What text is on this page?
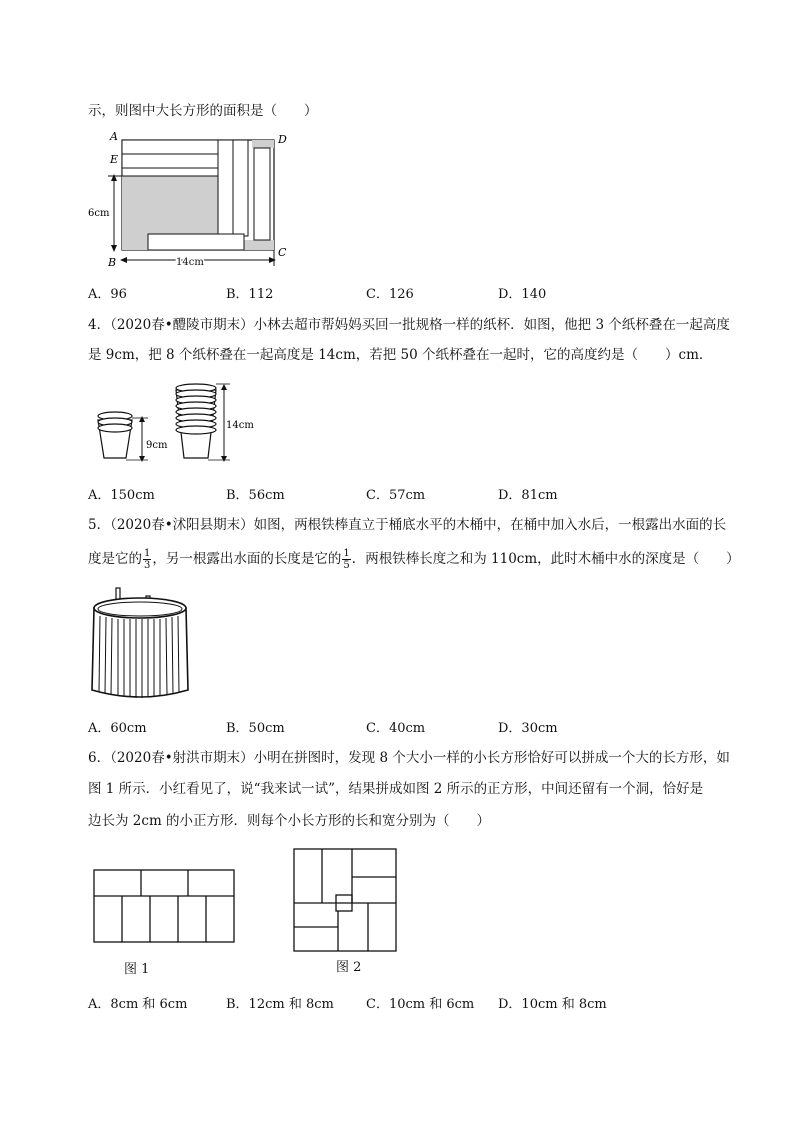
示，则图中大长方形的面积是（　　）
A	D
E
B
C
6cm
14cm
A．96	B．112	C．126	D．140
4．（2020春•醴陵市期末）小林去超市帮妈妈买回一批规格一样的纸杯．如图，他把 3 个纸杯叠在一起高度
是 9cm，把 8 个纸杯叠在一起高度是 14cm，若把 50 个纸杯叠在一起时，它的高度约是（　　）cm．
9cm
14cm
A．150cm	B．56cm	C．57cm	D．81cm
5．（2020春•沭阳县期末）如图，两根铁棒直立于桶底水平的木桶中，在桶中加入水后，一根露出水面的长
度是它的 $\frac{1}{3}$ ，另一根露出水面的长度是它的 $\frac{1}{5}$ ．两根铁棒长度之和为 110cm，此时木桶中水的深度是（　　）
A．60cm	B．50cm	C．40cm	D．30cm
6．（2020春•射洪市期末）小明在拼图时，发现 8 个大小一样的小长方形恰好可以拼成一个大的长方形，如
图 1 所示．小红看见了，说“我来试一试”，结果拼成如图 2 所示的正方形，中间还留有一个洞，恰好是
边长为 2cm 的小正方形．则每个小长方形的长和宽分别为（　　）
图 1	图 2
A．8cm 和 6cm	B．12cm 和 8cm C．10cm 和 6cm D．10cm 和 8cm
